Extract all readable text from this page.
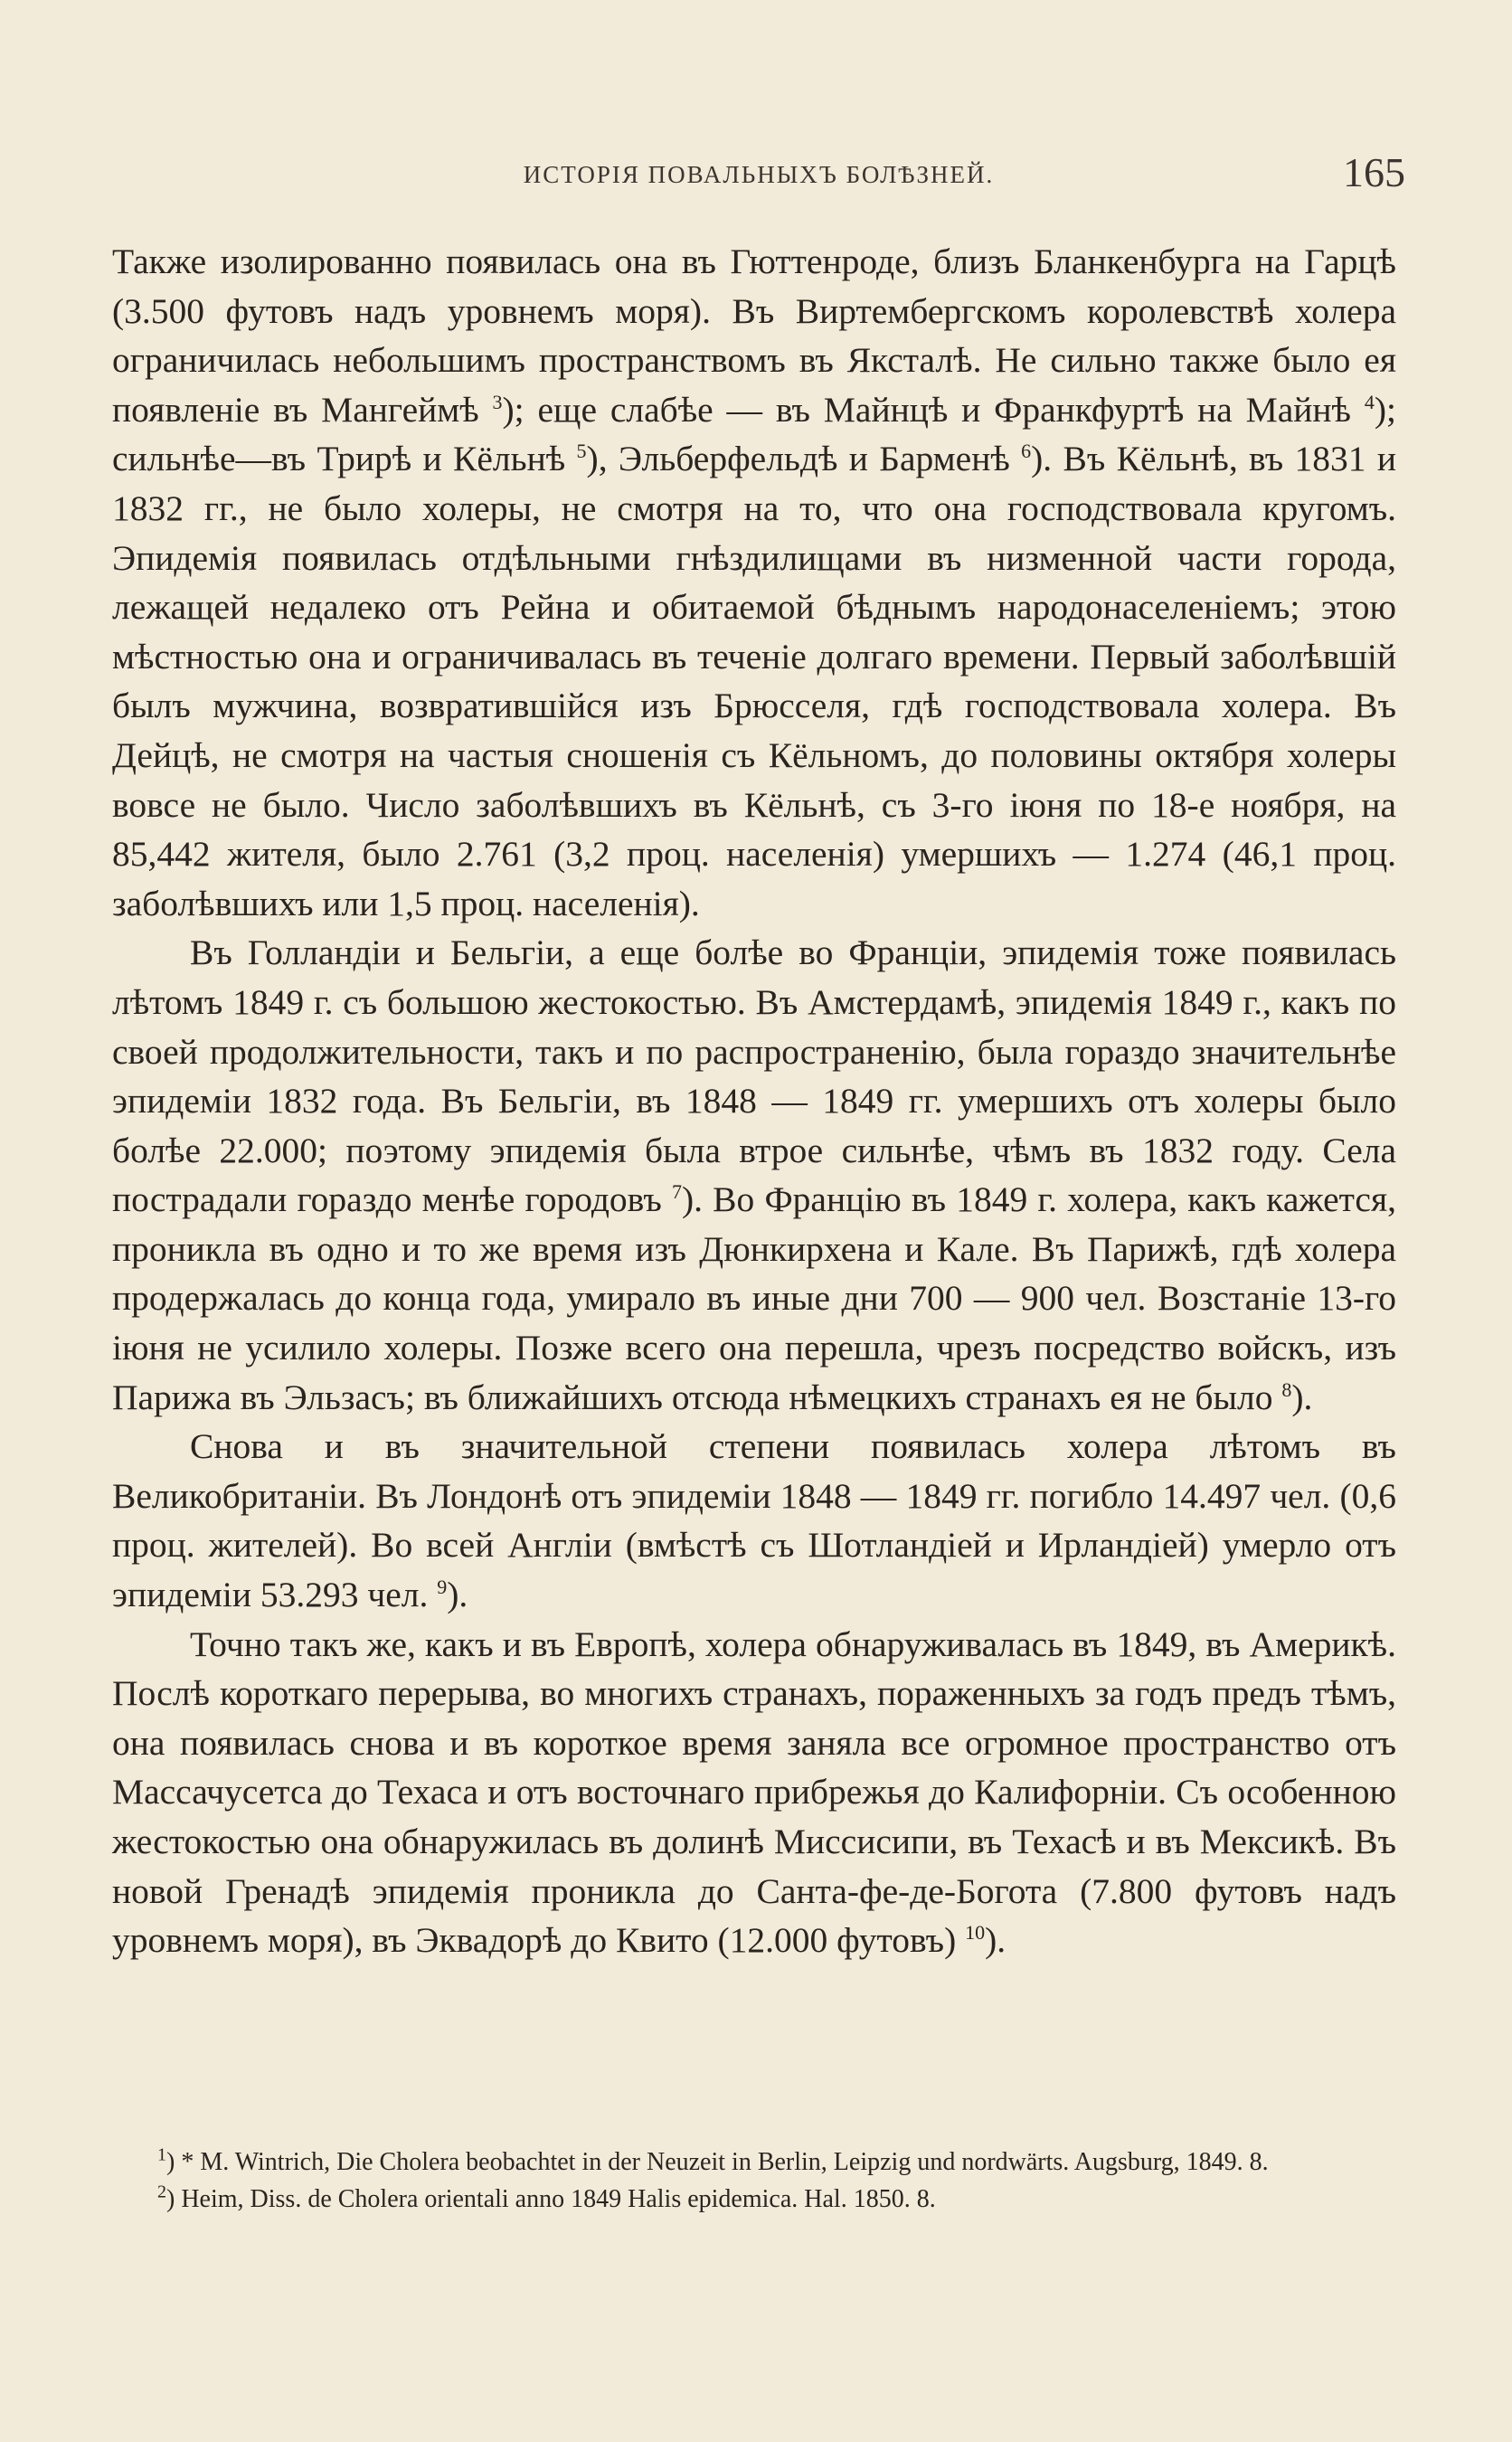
ИСТОРІЯ ПОВАЛЬНЫХЪ БОЛѢЗНЕЙ.	165

Также изолированно появилась она въ Гюттенроде, близъ Бланкенбурга на Гарцѣ (3.500 футовъ надъ уровнемъ моря). Въ Виртембергскомъ королевствѣ холера ограничилась небольшимъ пространствомъ въ Яксталѣ. Не сильно также было ея появленіе въ Мангеймѣ $^3$); еще слабѣе — въ Майнцѣ и Франкфуртѣ на Майнѣ $^4$); сильнѣе—въ Трирѣ и Кёльнѣ $^5$), Эльберфельдѣ и Барменѣ $^6$). Въ Кёльнѣ, въ 1831 и 1832 гг., не было холеры, не смотря на то, что она господствовала кругомъ. Эпидемія появилась отдѣльными гнѣздилищами въ низменной части города, лежащей недалеко отъ Рейна и обитаемой бѣднымъ народонаселеніемъ; этою мѣстностью она и ограничивалась въ теченіе долгаго времени. Первый заболѣвшій былъ мужчина, возвратившійся изъ Брюсселя, гдѣ господствовала холера. Въ Дейцѣ, не смотря на частыя сношенія съ Кёльномъ, до половины октября холеры вовсе не было. Число заболѣвшихъ въ Кёльнѣ, съ 3-го іюня по 18-е ноября, на 85,442 жителя, было 2.761 (3,2 проц. населенія) умершихъ — 1.274 (46,1 проц. заболѣвшихъ или 1,5 проц. населенія).

Въ Голландіи и Бельгіи, а еще болѣе во Франціи, эпидемія тоже появилась лѣтомъ 1849 г. съ большою жестокостью. Въ Амстердамѣ, эпидемія 1849 г., какъ по своей продолжительности, такъ и по распространенію, была гораздо значительнѣе эпидеміи 1832 года. Въ Бельгіи, въ 1848 — 1849 гг. умершихъ отъ холеры было болѣе 22.000; поэтому эпидемія была втрое сильнѣе, чѣмъ въ 1832 году. Села пострадали гораздо менѣе городовъ $^7$). Во Францію въ 1849 г. холера, какъ кажется, проникла въ одно и то же время изъ Дюнкирхена и Кале. Въ Парижѣ, гдѣ холера продержалась до конца года, умирало въ иные дни 700 — 900 чел. Возстаніе 13-го іюня не усилило холеры. Позже всего она перешла, чрезъ посредство войскъ, изъ Парижа въ Эльзасъ; въ ближайшихъ отсюда нѣмецкихъ странахъ ея не было $^8$).

Снова и въ значительной степени появилась холера лѣтомъ въ Великобританіи. Въ Лондонѣ отъ эпидеміи 1848 — 1849 гг. погибло 14.497 чел. (0,6 проц. жителей). Во всей Англіи (вмѣстѣ съ Шотландіей и Ирландіей) умерло отъ эпидеміи 53.293 чел. $^9$).

Точно такъ же, какъ и въ Европѣ, холера обнаруживалась въ 1849, въ Америкѣ. Послѣ короткаго перерыва, во многихъ странахъ, пораженныхъ за годъ предъ тѣмъ, она появилась снова и въ короткое время заняла все огромное пространство отъ Массачусетса до Техаса и отъ восточнаго прибрежья до Калифорніи. Съ особенною жестокостью она обнаружилась въ долинѣ Миссисипи, въ Техасѣ и въ Мексикѣ. Въ новой Гренадѣ эпидемія проникла до Санта-фе-де-Богота (7.800 футовъ надъ уровнемъ моря), въ Эквадорѣ до Квито (12.000 футовъ) $^{10}$).

$^1$) * M. Wintrich, Die Cholera beobachtet in der Neuzeit in Berlin, Leipzig und nordwärts. Augsburg, 1849. 8.

$^2$) Heim, Diss. de Cholera orientali anno 1849 Halis epidemica. Hal. 1850. 8.
